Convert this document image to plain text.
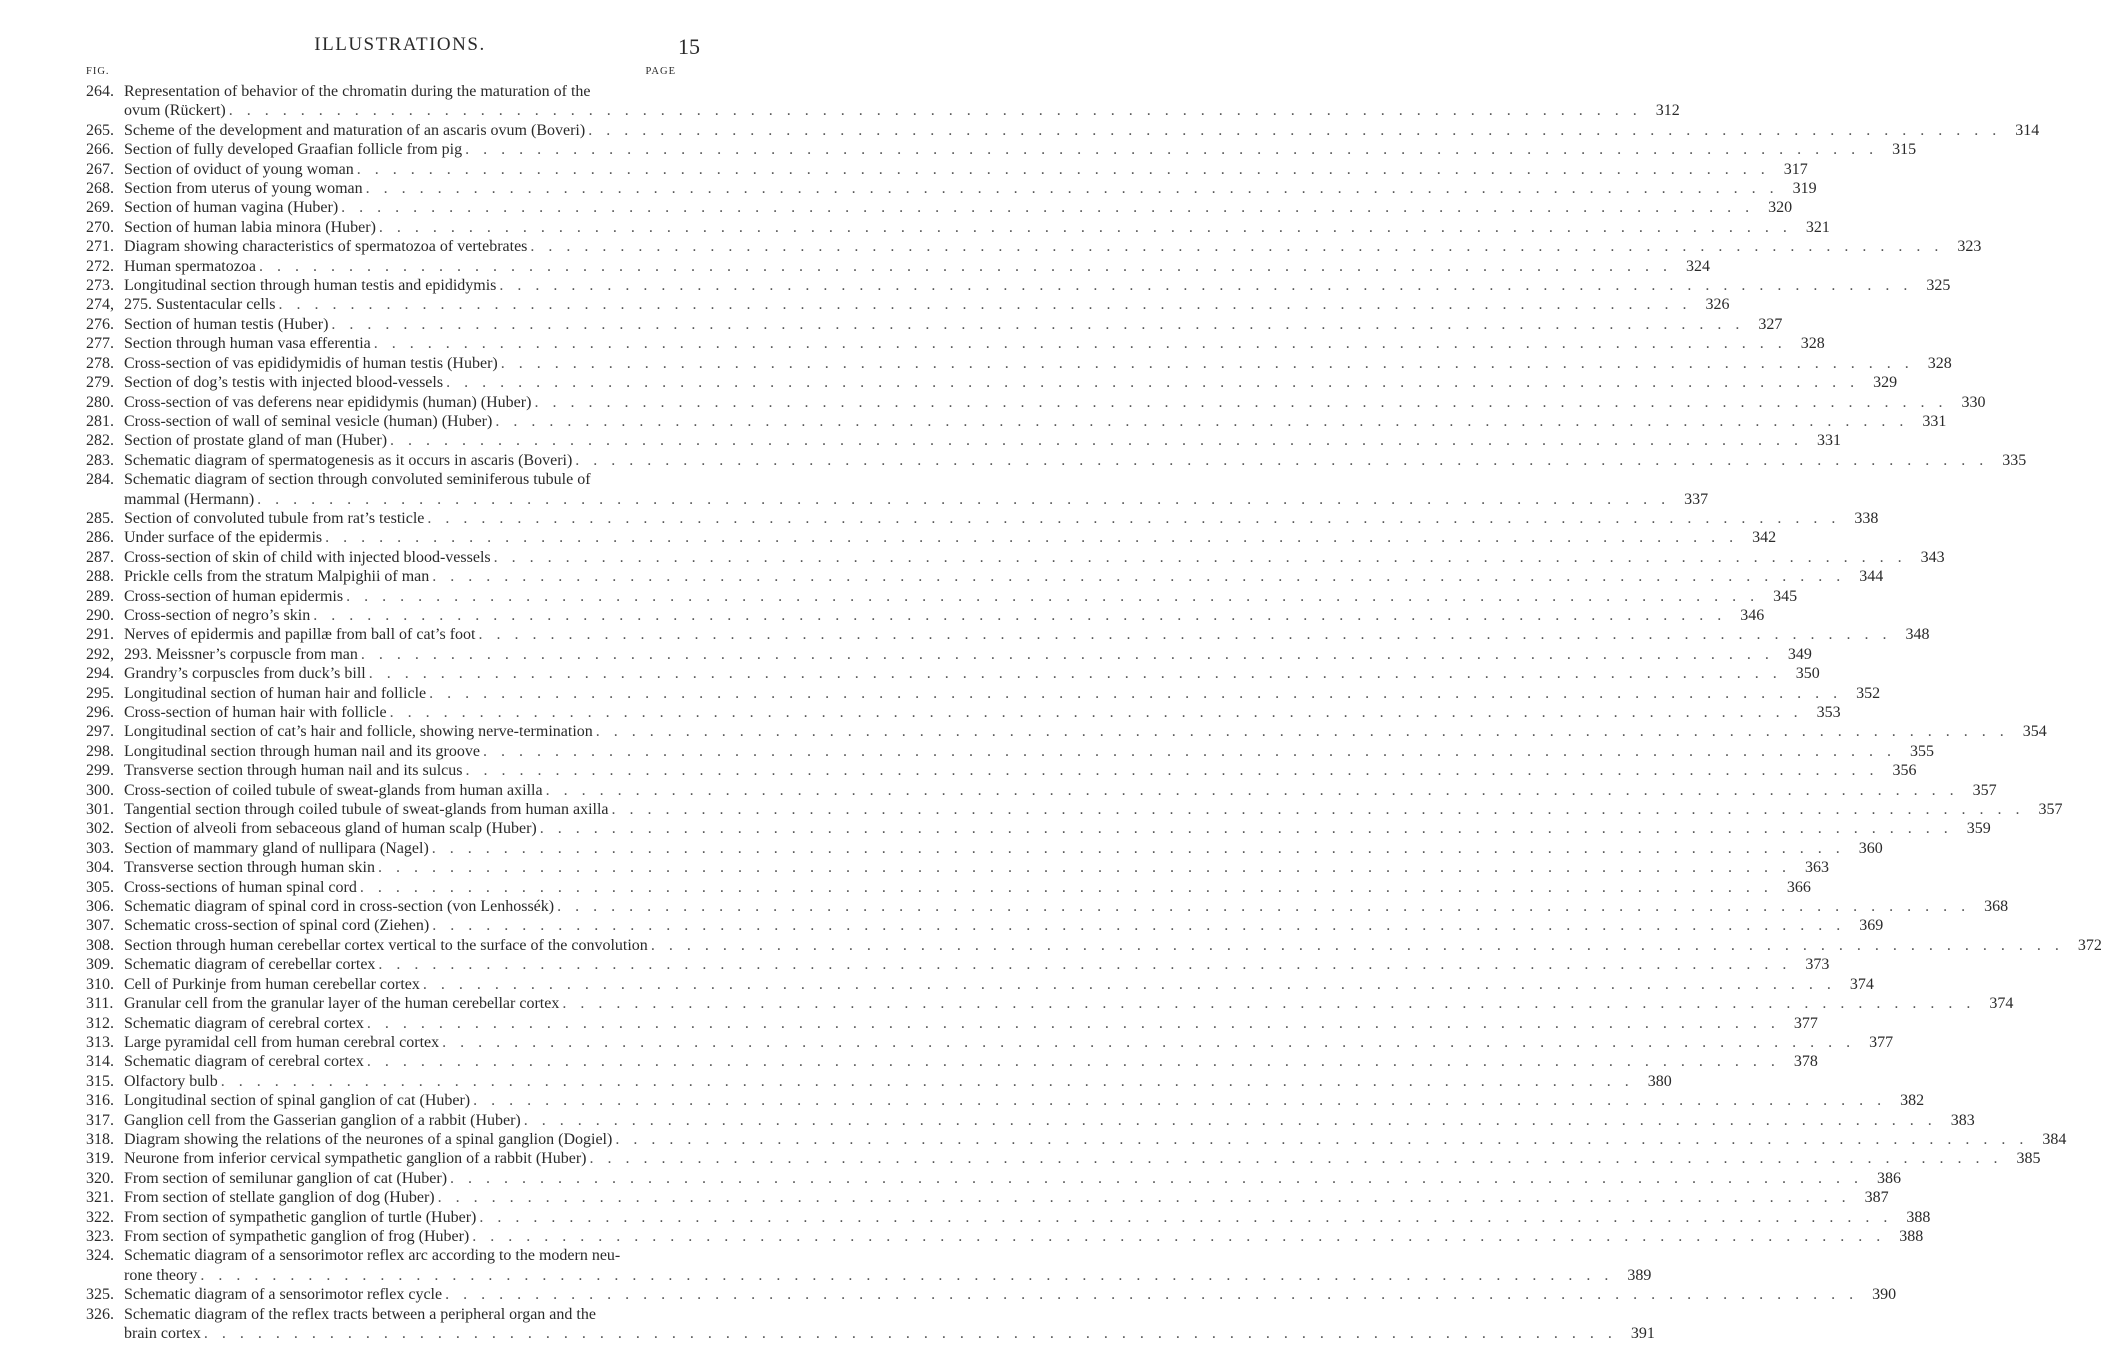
ILLUSTRATIONS.	15
FIG.	PAGE
264. Representation of behavior of the chromatin during the maturation of the
ovum (Rückert) . . .	312
265. Scheme of the development and maturation of an ascaris ovum (Boveri) . . .	314
266. Section of fully developed Graafian follicle from pig . . .	315
267. Section of oviduct of young woman . . .	317
268. Section from uterus of young woman . . .	319
269. Section of human vagina (Huber) . . .	320
270. Section of human labia minora (Huber) . . .	321
271. Diagram showing characteristics of spermatozoa of vertebrates . . .	323
272. Human spermatozoa . . .	324
273. Longitudinal section through human testis and epididymis . . .	325
274, 275. Sustentacular cells . . .	326
276. Section of human testis (Huber) . . .	327
277. Section through human vasa efferentia . . .	328
278. Cross-section of vas epididymidis of human testis (Huber) . . .	328
279. Section of dog’s testis with injected blood-vessels . . .	329
280. Cross-section of vas deferens near epididymis (human) (Huber) . . .	330
281. Cross-section of wall of seminal vesicle (human) (Huber) . . .	331
282. Section of prostate gland of man (Huber) . . .	331
283. Schematic diagram of spermatogenesis as it occurs in ascaris (Boveri) . . .	335
284. Schematic diagram of section through convoluted seminiferous tubule of
mammal (Hermann) . . .	337
285. Section of convoluted tubule from rat’s testicle . . .	338
286. Under surface of the epidermis . . .	342
287. Cross-section of skin of child with injected blood-vessels . . .	343
288. Prickle cells from the stratum Malpighii of man . . .	344
289. Cross-section of human epidermis . . .	345
290. Cross-section of negro’s skin . . .	346
291. Nerves of epidermis and papillæ from ball of cat’s foot . . .	348
292, 293. Meissner’s corpuscle from man . . .	349
294. Grandry’s corpuscles from duck’s bill . . .	350
295. Longitudinal section of human hair and follicle . . .	352
296. Cross-section of human hair with follicle . . .	353
297. Longitudinal section of cat’s hair and follicle, showing nerve-termination . . .	354
298. Longitudinal section through human nail and its groove . . .	355
299. Transverse section through human nail and its sulcus . . .	356
300. Cross-section of coiled tubule of sweat-glands from human axilla . . .	357
301. Tangential section through coiled tubule of sweat-glands from human axilla . . .	357
302. Section of alveoli from sebaceous gland of human scalp (Huber) . . .	359
303. Section of mammary gland of nullipara (Nagel) . . .	360
304. Transverse section through human skin . . .	363
305. Cross-sections of human spinal cord . . .	366
306. Schematic diagram of spinal cord in cross-section (von Lenhossék) . . .	368
307. Schematic cross-section of spinal cord (Ziehen) . . .	369
308. Section through human cerebellar cortex vertical to the surface of the convolution . . .	372
309. Schematic diagram of cerebellar cortex . . .	373
310. Cell of Purkinje from human cerebellar cortex . . .	374
311. Granular cell from the granular layer of the human cerebellar cortex . . .	374
312. Schematic diagram of cerebral cortex . . .	377
313. Large pyramidal cell from human cerebral cortex . . .	377
314. Schematic diagram of cerebral cortex . . .	378
315. Olfactory bulb . . .	380
316. Longitudinal section of spinal ganglion of cat (Huber) . . .	382
317. Ganglion cell from the Gasserian ganglion of a rabbit (Huber) . . .	383
318. Diagram showing the relations of the neurones of a spinal ganglion (Dogiel) . . .	384
319. Neurone from inferior cervical sympathetic ganglion of a rabbit (Huber) . . .	385
320. From section of semilunar ganglion of cat (Huber) . . .	386
321. From section of stellate ganglion of dog (Huber) . . .	387
322. From section of sympathetic ganglion of turtle (Huber) . . .	388
323. From section of sympathetic ganglion of frog (Huber) . . .	388
324. Schematic diagram of a sensorimotor reflex arc according to the modern neu-
rone theory . . .	389
325. Schematic diagram of a sensorimotor reflex cycle . . .	390
326. Schematic diagram of the reflex tracts between a peripheral organ and the
brain cortex . . .	391
